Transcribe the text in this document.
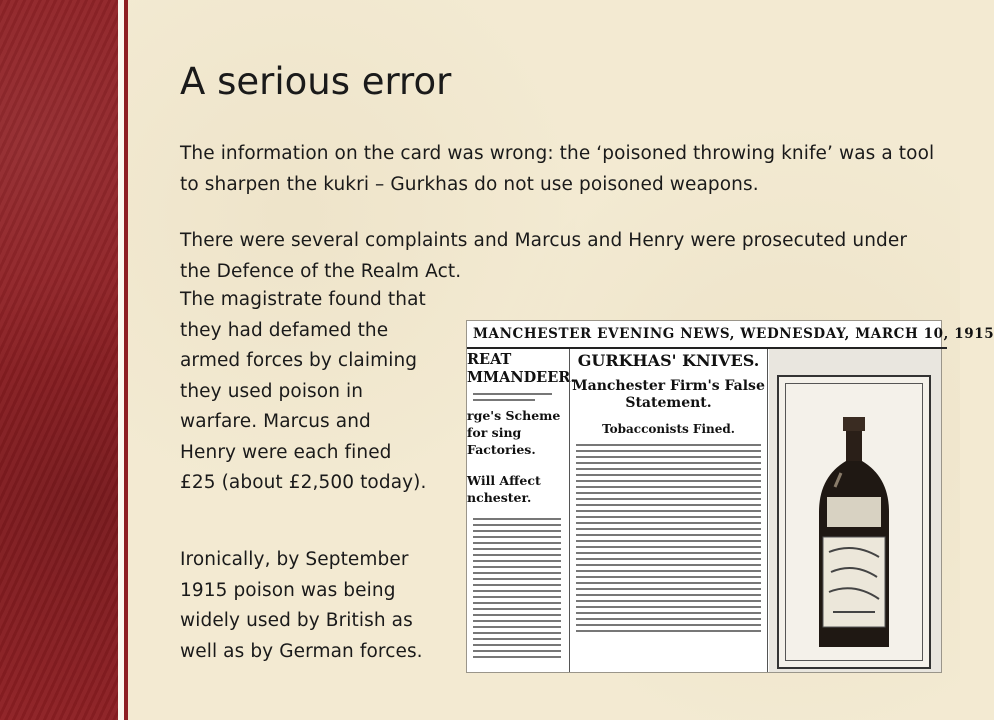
A serious error
The information on the card was wrong: the ‘poisoned throwing knife’ was a tool to sharpen the kukri – Gurkhas do not use poisoned weapons.
There were several complaints and Marcus and Henry were prosecuted under the Defence of the Realm Act.
The magistrate found that they had defamed the armed forces by claiming they used poison in warfare. Marcus and Henry were each fined £25 (about £2,500 today).
Ironically, by September 1915 poison was being widely used by British as well as by German forces.
MANCHESTER EVENING NEWS, WEDNESDAY, MARCH 10, 1915
REAT MMANDEER.
rge's Scheme for sing Factories.
Will Affect nchester.
GURKHAS' KNIVES.
Manchester Firm's False Statement.
Tobacconists Fined.
